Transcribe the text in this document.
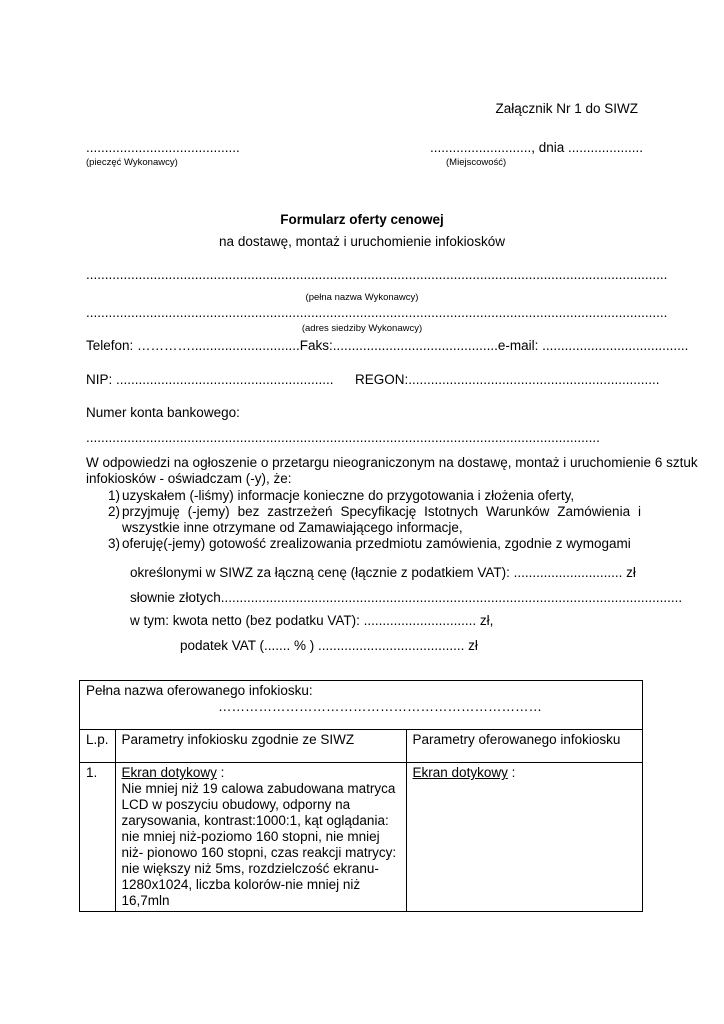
Załącznik Nr 1 do SIWZ
.........................................
(pieczęć Wykonawcy)
..........................., dnia ....................
(Miejscowość)
Formularz oferty cenowej
na dostawę, montaż i uruchomienie infokiosków
...........................................................................................................................................................
(pełna nazwa Wykonawcy)
...........................................................................................................................................................
(adres siedziby Wykonawcy)
Telefon: ………….............................Faks:............................................e-mail: .......................................
NIP: .......................................................... REGON:...................................................................
Numer konta bankowego:
.........................................................................................................................................
W odpowiedzi na ogłoszenie o przetargu nieograniczonym na dostawę, montaż i uruchomienie 6 sztuk
infokiosków - oświadczam (-y), że:

1) uzyskałem (-liśmy) informacje konieczne do przygotowania i złożenia oferty,

2) przyjmuję (-jemy) bez zastrzeżeń Specyfikację Istotnych Warunków Zamówienia i wszystkie inne otrzymane od Zamawiającego informacje,

3) oferuję(-jemy) gotowość zrealizowania przedmiotu zamówienia, zgodnie z wymogami

określonymi w SIWZ za łączną cenę (łącznie z podatkiem VAT): ............................. zł
słownie złotych...........................................................................................................................
w tym: kwota netto (bez podatku VAT): .............................. zł,
podatek VAT (....... % ) ....................................... zł
Pełna nazwa oferowanego infokiosku:
………………………………………………………………		

L.p.	Parametry infokiosku zgodnie ze SIWZ	Parametry oferowanego infokiosku
1.	Ekran dotykowy :
Nie mniej niż 19 calowa zabudowana matryca LCD w poszyciu obudowy, odporny na zarysowania, kontrast:1000:1, kąt oglądania: nie mniej niż-poziomo 160 stopni, nie mniej niż- pionowo 160 stopni, czas reakcji matrycy: nie większy niż 5ms, rozdzielczość ekranu-1280x1024, liczba kolorów-nie mniej niż 16,7mln	Ekran dotykowy :
